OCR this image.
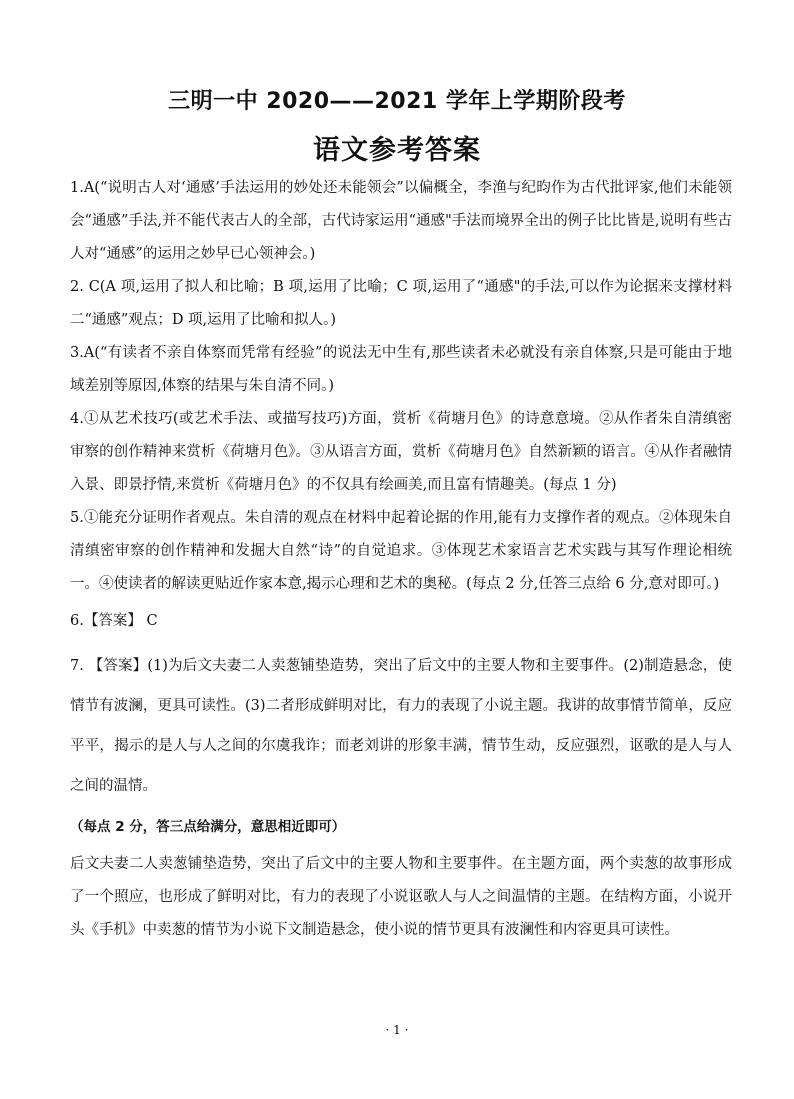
三明一中 2020——2021 学年上学期阶段考
语文参考答案

1.A(“说明古人对‘通感’手法运用的妙处还未能领会”以偏概全，李渔与纪昀作为古代批评家,他们未能领会“通感”手法,并不能代表古人的全部，古代诗家运用“通感"手法而境界全出的例子比比皆是,说明有些古人对“通感”的运用之妙早已心领神会。)

2. C(A 项,运用了拟人和比喻；B 项,运用了比喻；C 项,运用了“通感"的手法,可以作为论据来支撑材料二“通感”观点；D 项,运用了比喻和拟人。)

3.A(“有读者不亲自体察而凭常有经验”的说法无中生有,那些读者未必就没有亲自体察,只是可能由于地域差别等原因,体察的结果与朱自清不同。)

4.①从艺术技巧(或艺术手法、或描写技巧)方面，赏析《荷塘月色》的诗意意境。②从作者朱自清缜密审察的创作精神来赏析《荷塘月色》。③从语言方面，赏析《荷塘月色》自然新颖的语言。④从作者融情入景、即景抒情,来赏析《荷塘月色》的不仅具有绘画美,而且富有情趣美。(每点 1 分)

5.①能充分证明作者观点。朱自清的观点在材料中起着论据的作用,能有力支撑作者的观点。②体现朱自清缜密审察的创作精神和发掘大自然“诗”的自觉追求。③体现艺术家语言艺术实践与其写作理论相统一。④使读者的解读更贴近作家本意,揭示心理和艺术的奥秘。(每点 2 分,任答三点给 6 分,意对即可。)

6.【答案】 C
7. 【答案】(1)为后文夫妻二人卖葱铺垫造势，突出了后文中的主要人物和主要事件。(2)制造悬念，使情节有波澜，更具可读性。(3)二者形成鲜明对比，有力的表现了小说主题。我讲的故事情节简单，反应平平，揭示的是人与人之间的尔虞我诈；而老刘讲的形象丰满，情节生动，反应强烈，讴歌的是人与人之间的温情。
（每点 2 分，答三点给满分，意思相近即可）
后文夫妻二人卖葱铺垫造势，突出了后文中的主要人物和主要事件。在主题方面，两个卖葱的故事形成了一个照应，也形成了鲜明对比，有力的表现了小说讴歌人与人之间温情的主题。在结构方面，小说开头《手机》中卖葱的情节为小说下文制造悬念，使小说的情节更具有波澜性和内容更具可读性。
· 1 ·
